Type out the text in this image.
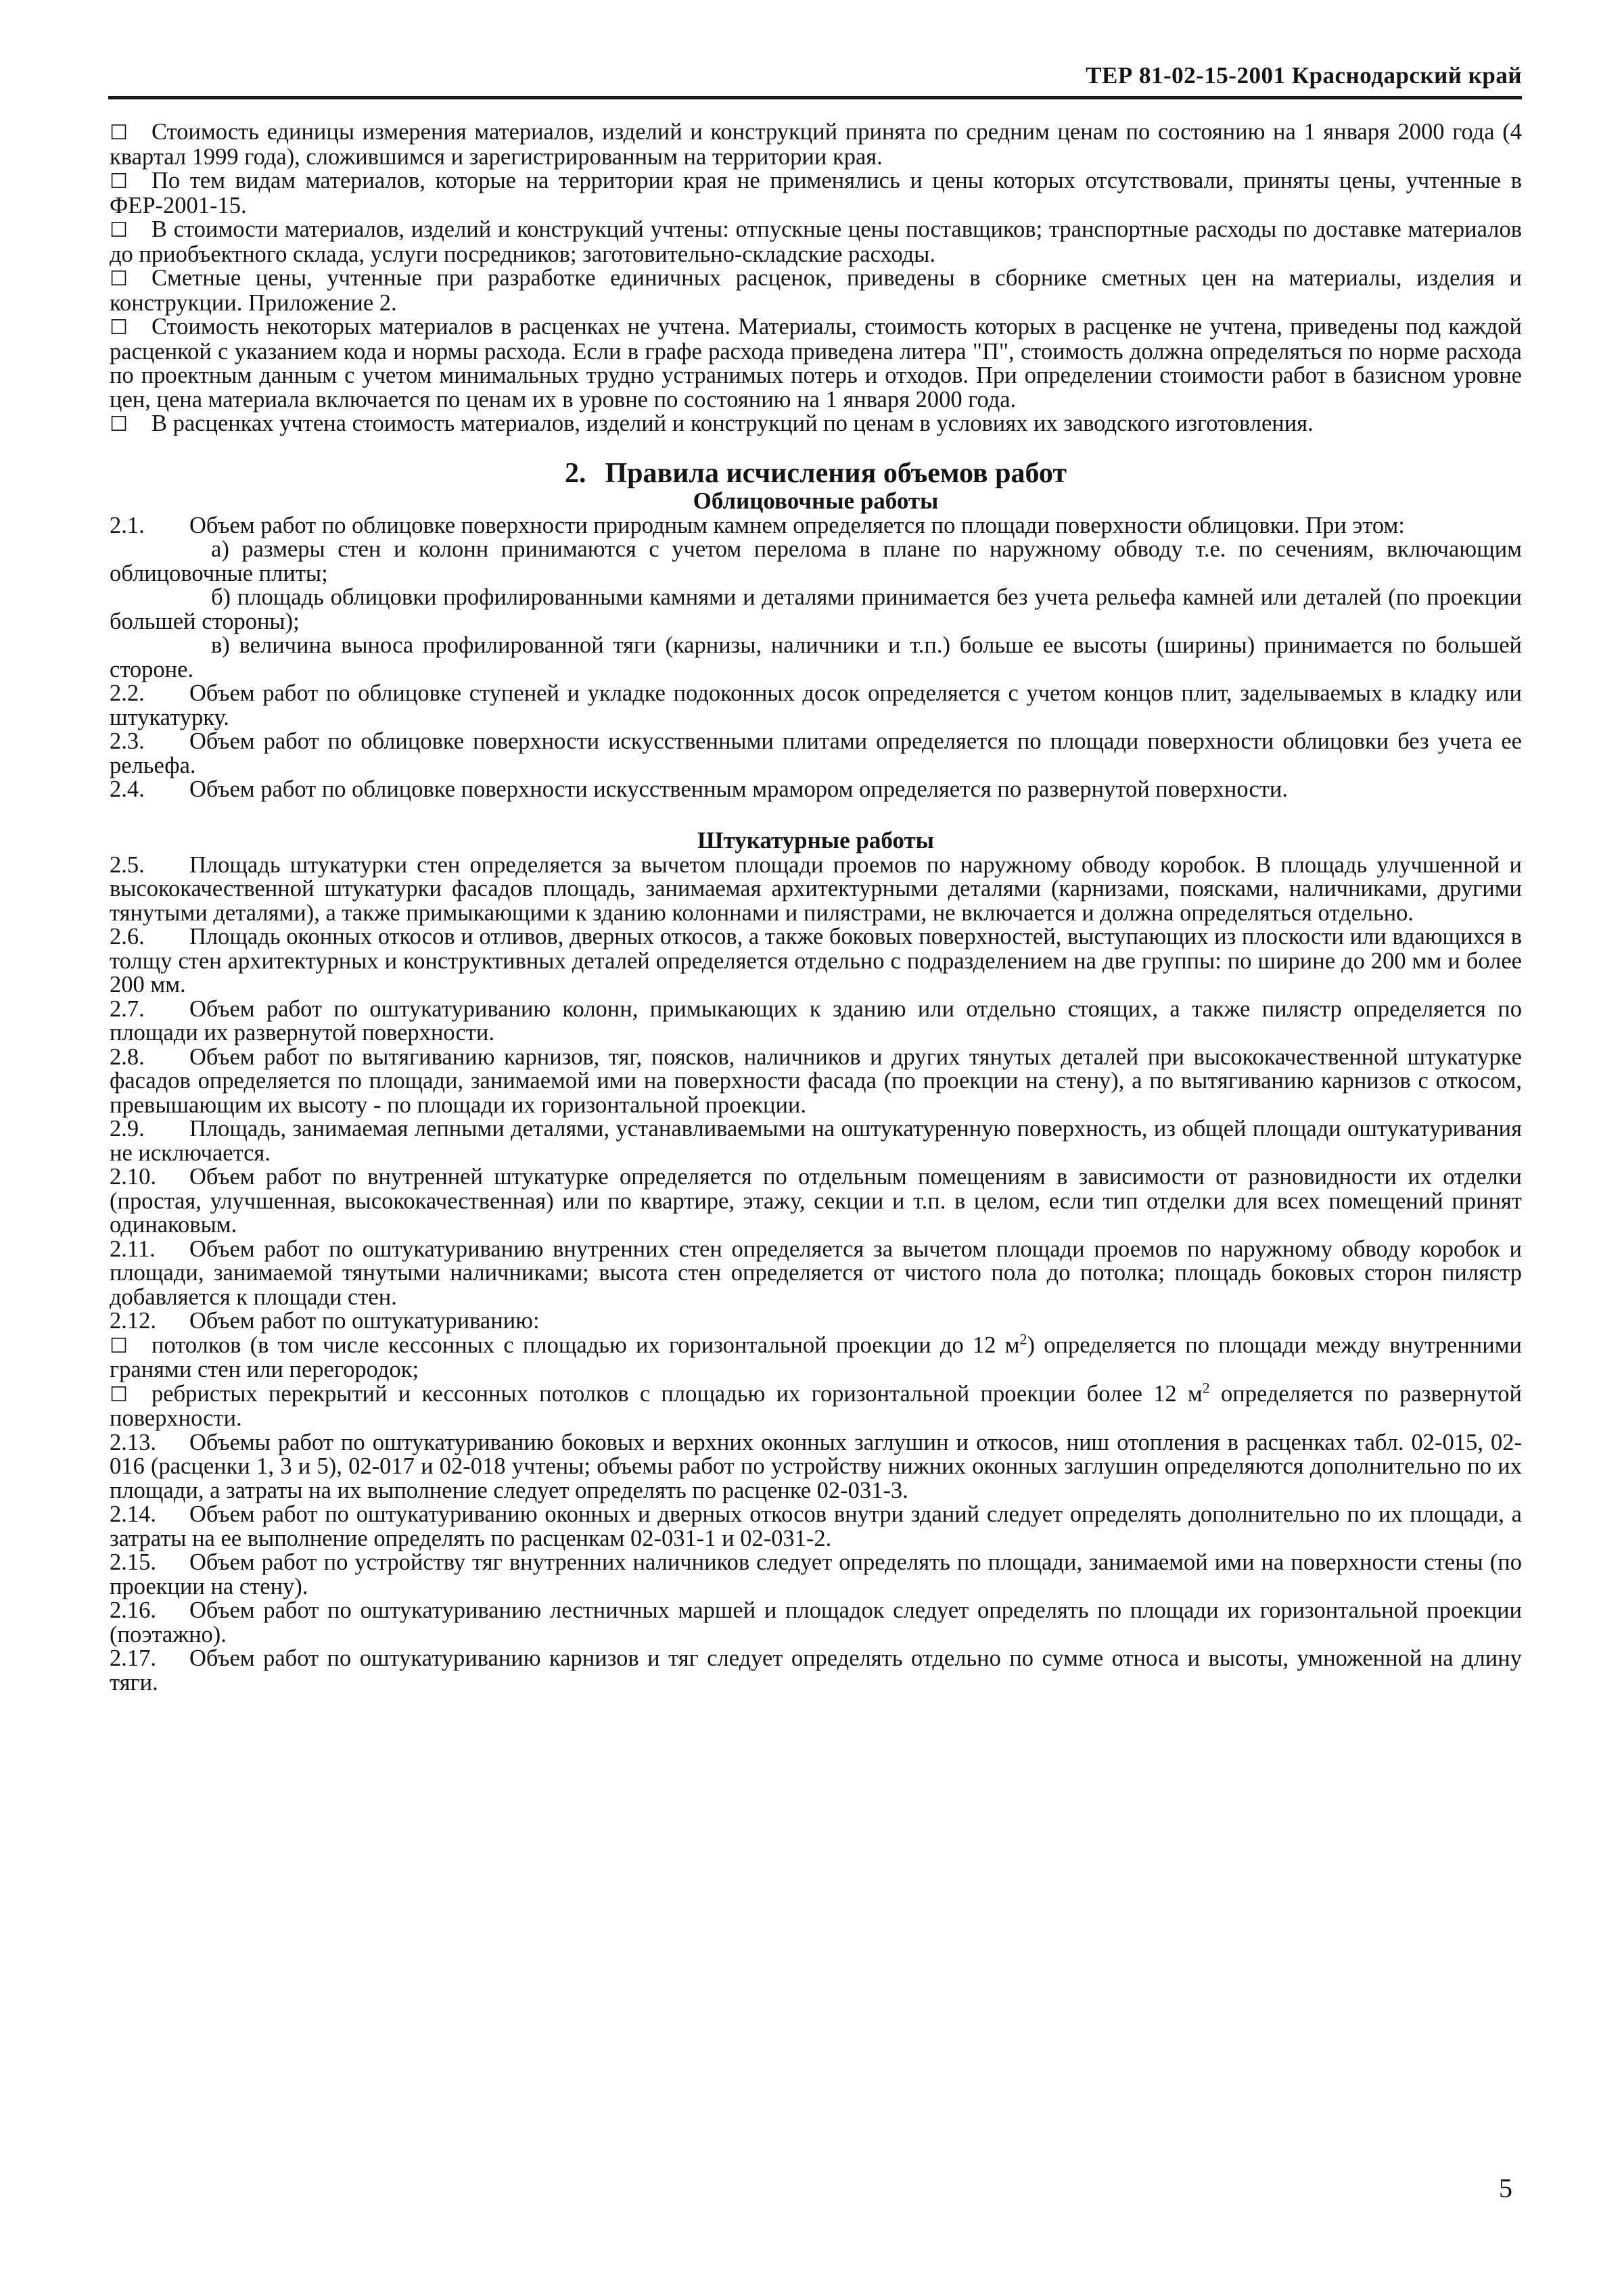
ТЕР 81-02-15-2001 Краснодарский край
☐ Стоимость единицы измерения материалов, изделий и конструкций принята по средним ценам по состоянию на 1 января 2000 года (4 квартал 1999 года), сложившимся и зарегистрированным на территории края.
☐ По тем видам материалов, которые на территории края не применялись и цены которых отсутствовали, приняты цены, учтенные в ФЕР-2001-15.
☐ В стоимости материалов, изделий и конструкций учтены: отпускные цены поставщиков; транспортные расходы по доставке материалов до приобъектного склада, услуги посредников; заготовительно-складские расходы.
☐ Сметные цены, учтенные при разработке единичных расценок, приведены в сборнике сметных цен на материалы, изделия и конструкции. Приложение 2.
☐ Стоимость некоторых материалов в расценках не учтена. Материалы, стоимость которых в расценке не учтена, приведены под каждой расценкой с указанием кода и нормы расхода. Если в графе расхода приведена литера "П", стоимость должна определяться по норме расхода по проектным данным с учетом минимальных трудно устранимых потерь и отходов. При определении стоимости работ в базисном уровне цен, цена материала включается по ценам их в уровне по состоянию на 1 января 2000 года.
☐ В расценках учтена стоимость материалов, изделий и конструкций по ценам в условиях их заводского изготовления.
2. Правила исчисления объемов работ
Облицовочные работы
2.1. Объем работ по облицовке поверхности природным камнем определяется по площади поверхности облицовки. При этом:
а) размеры стен и колонн принимаются с учетом перелома в плане по наружному обводу т.е. по сечениям, включающим облицовочные плиты;
б) площадь облицовки профилированными камнями и деталями принимается без учета рельефа камней или деталей (по проекции большей стороны);
в) величина выноса профилированной тяги (карнизы, наличники и т.п.) больше ее высоты (ширины) принимается по большей стороне.
2.2. Объем работ по облицовке ступеней и укладке подоконных досок определяется с учетом концов плит, заделываемых в кладку или штукатурку.
2.3. Объем работ по облицовке поверхности искусственными плитами определяется по площади поверхности облицовки без учета ее рельефа.
2.4. Объем работ по облицовке поверхности искусственным мрамором определяется по развернутой поверхности.
Штукатурные работы
2.5. Площадь штукатурки стен определяется за вычетом площади проемов по наружному обводу коробок. В площадь улучшенной и высококачественной штукатурки фасадов площадь, занимаемая архитектурными деталями (карнизами, поясками, наличниками, другими тянутыми деталями), а также примыкающими к зданию колоннами и пилястрами, не включается и должна определяться отдельно.
2.6. Площадь оконных откосов и отливов, дверных откосов, а также боковых поверхностей, выступающих из плоскости или вдающихся в толщу стен архитектурных и конструктивных деталей определяется отдельно с подразделением на две группы: по ширине до 200 мм и более 200 мм.
2.7. Объем работ по оштукатуриванию колонн, примыкающих к зданию или отдельно стоящих, а также пилястр определяется по площади их развернутой поверхности.
2.8. Объем работ по вытягиванию карнизов, тяг, поясков, наличников и других тянутых деталей при высококачественной штукатурке фасадов определяется по площади, занимаемой ими на поверхности фасада (по проекции на стену), а по вытягиванию карнизов с откосом, превышающим их высоту - по площади их горизонтальной проекции.
2.9. Площадь, занимаемая лепными деталями, устанавливаемыми на оштукатуренную поверхность, из общей площади оштукатуривания не исключается.
2.10. Объем работ по внутренней штукатурке определяется по отдельным помещениям в зависимости от разновидности их отделки (простая, улучшенная, высококачественная) или по квартире, этажу, секции и т.п. в целом, если тип отделки для всех помещений принят одинаковым.
2.11. Объем работ по оштукатуриванию внутренних стен определяется за вычетом площади проемов по наружному обводу коробок и площади, занимаемой тянутыми наличниками; высота стен определяется от чистого пола до потолка; площадь боковых сторон пилястр добавляется к площади стен.
2.12. Объем работ по оштукатуриванию:
☐ потолков (в том числе кессонных с площадью их горизонтальной проекции до 12 $м^2$) определяется по площади между внутренними гранями стен или перегородок;
☐ ребристых перекрытий и кессонных потолков с площадью их горизонтальной проекции более 12 $м^2$ определяется по развернутой поверхности.
2.13. Объемы работ по оштукатуриванию боковых и верхних оконных заглушин и откосов, ниш отопления в расценках табл. 02-015, 02-016 (расценки 1, 3 и 5), 02-017 и 02-018 учтены; объемы работ по устройству нижних оконных заглушин определяются дополнительно по их площади, а затраты на их выполнение следует определять по расценке 02-031-3.
2.14. Объем работ по оштукатуриванию оконных и дверных откосов внутри зданий следует определять дополнительно по их площади, а затраты на ее выполнение определять по расценкам 02-031-1 и 02-031-2.
2.15. Объем работ по устройству тяг внутренних наличников следует определять по площади, занимаемой ими на поверхности стены (по проекции на стену).
2.16. Объем работ по оштукатуриванию лестничных маршей и площадок следует определять по площади их горизонтальной проекции (поэтажно).
2.17. Объем работ по оштукатуриванию карнизов и тяг следует определять отдельно по сумме относа и высоты, умноженной на длину тяги.
5
